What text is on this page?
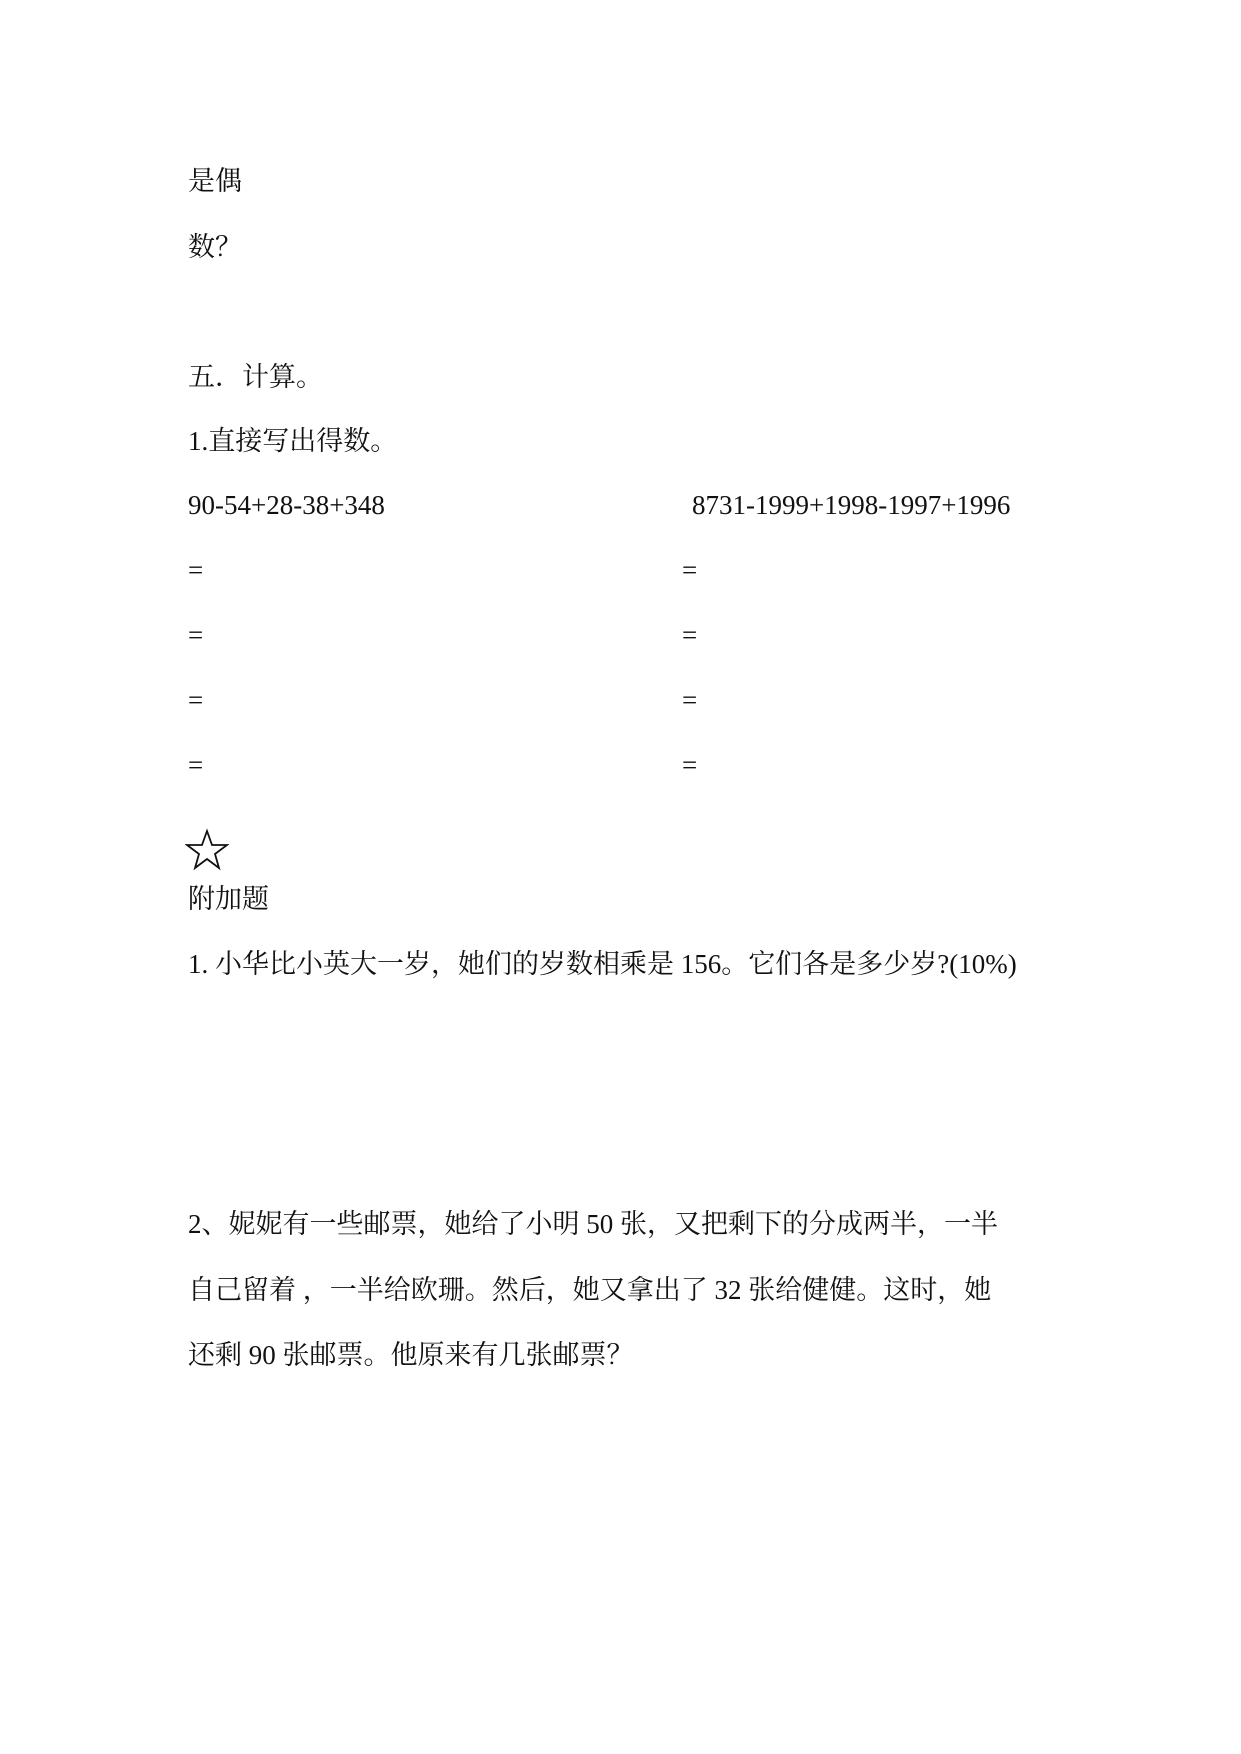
是偶
数？
五．计算。
1.直接写出得数。
90-54+28-38+348	8731-1999+1998-1997+1996
=	=
=	=
=	=
=	=
附加题
1. 小华比小英大一岁，她们的岁数相乘是 156。它们各是多少岁?(10%)
2、妮妮有一些邮票，她给了小明 50 张，又把剩下的分成两半，一半
自己留着 ，一半给欧珊。然后，她又拿出了 32 张给健健。这时，她
还剩 90 张邮票。他原来有几张邮票？
